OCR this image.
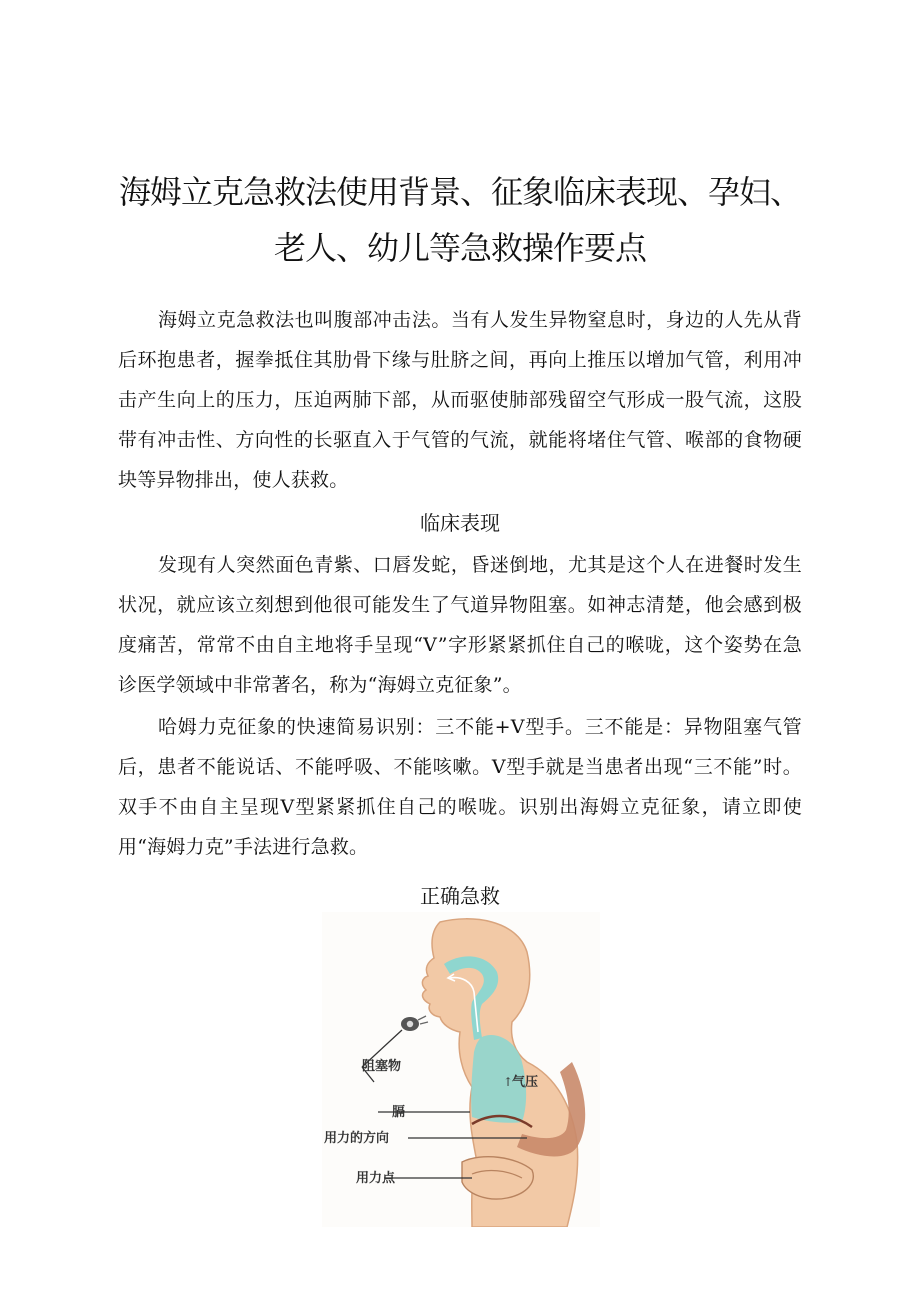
海姆立克急救法使用背景、征象临床表现、孕妇、
老人、幼儿等急救操作要点

海姆立克急救法也叫腹部冲击法。当有人发生异物窒息时，身边的人先从背后环抱患者，握拳抵住其肋骨下缘与肚脐之间，再向上推压以增加气管，利用冲击产生向上的压力，压迫两肺下部，从而驱使肺部残留空气形成一股气流，这股带有冲击性、方向性的长驱直入于气管的气流，就能将堵住气管、喉部的食物硬块等异物排出，使人获救。

临床表现

发现有人突然面色青紫、口唇发蛇，昏迷倒地，尤其是这个人在进餐时发生状况，就应该立刻想到他很可能发生了气道异物阻塞。如神志清楚，他会感到极度痛苦，常常不由自主地将手呈现“V”字形紧紧抓住自己的喉咙，这个姿势在急诊医学领域中非常著名，称为“海姆立克征象”。

哈姆力克征象的快速简易识别：三不能+V型手。三不能是：异物阻塞气管后，患者不能说话、不能呼吸、不能咳嗽。V型手就是当患者出现“三不能”时。双手不由自主呈现V型紧紧抓住自己的喉咙。识别出海姆立克征象，请立即使用“海姆力克”手法进行急救。

正确急救
阻塞物
气压
↑
膈
用力的方向
用力点
